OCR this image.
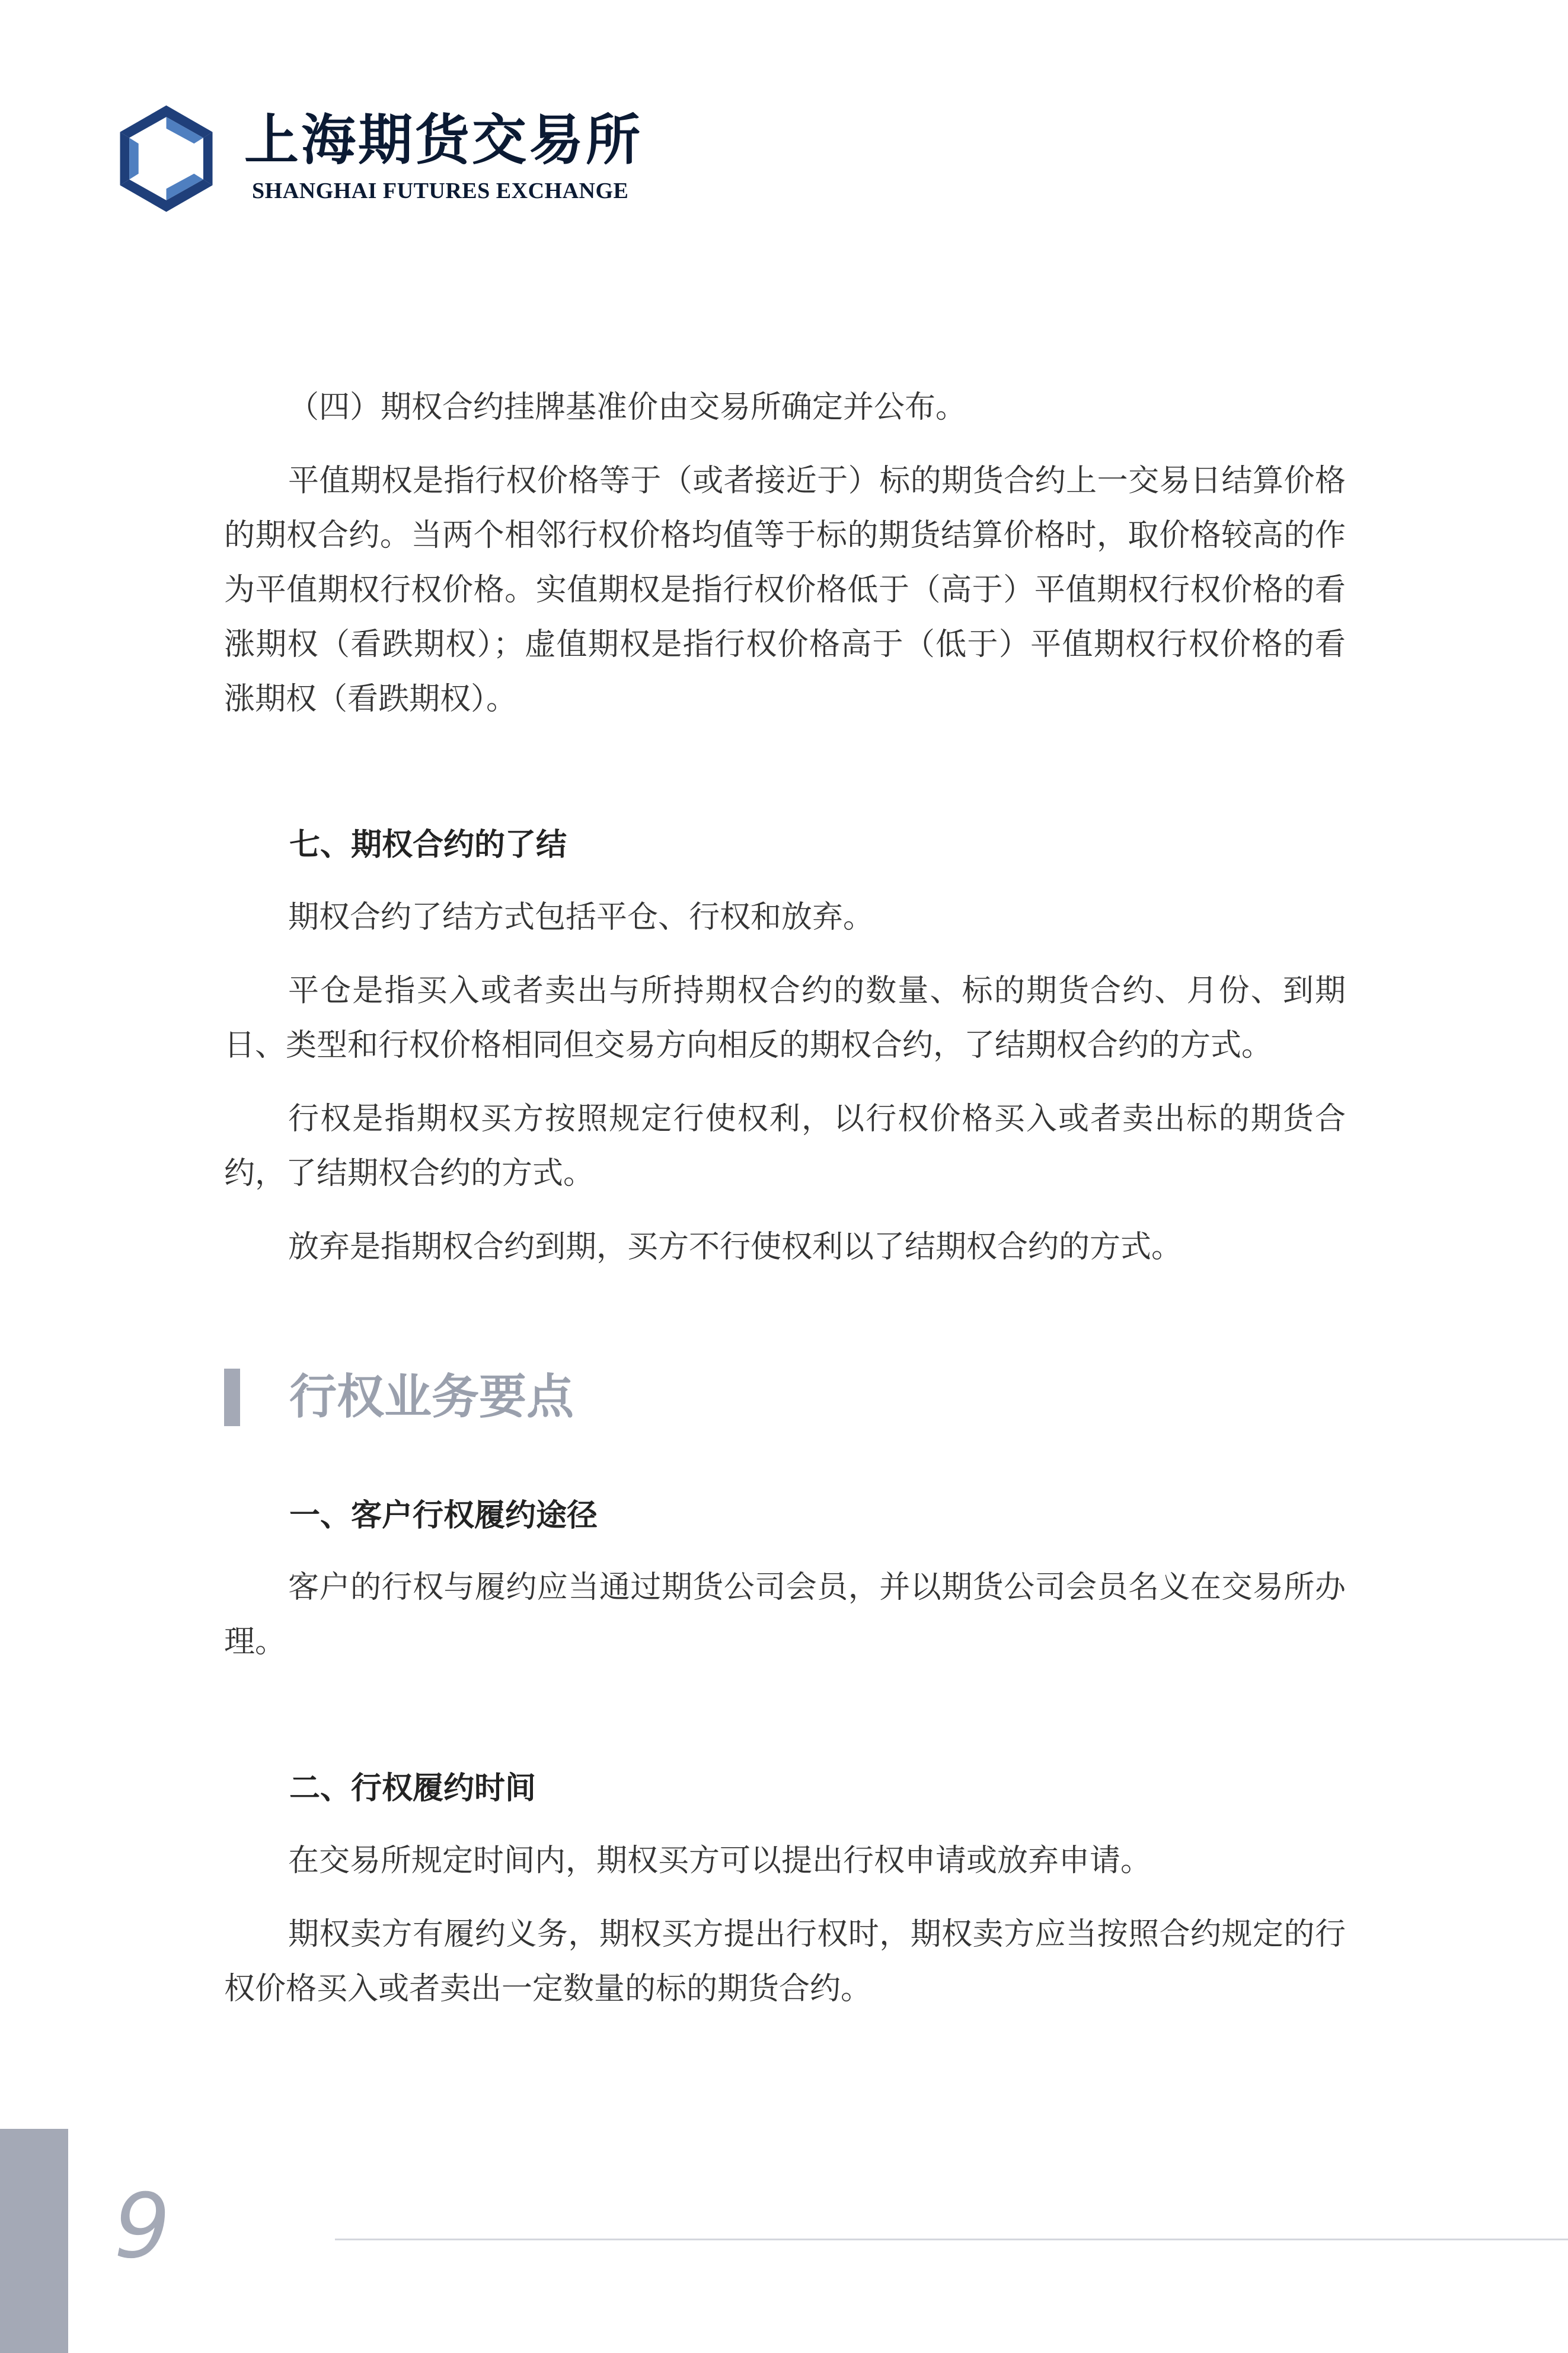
上海期货交易所
SHANGHAI FUTURES EXCHANGE

（四）期权合约挂牌基准价由交易所确定并公布。

平值期权是指行权价格等于（或者接近于）标的期货合约上一交易日结算价格的期权合约。当两个相邻行权价格均值等于标的期货结算价格时，取价格较高的作为平值期权行权价格。实值期权是指行权价格低于（高于）平值期权行权价格的看涨期权（看跌期权）；虚值期权是指行权价格高于（低于）平值期权行权价格的看涨期权（看跌期权）。

七、期权合约的了结

期权合约了结方式包括平仓、行权和放弃。

平仓是指买入或者卖出与所持期权合约的数量、标的期货合约、月份、到期日、类型和行权价格相同但交易方向相反的期权合约，了结期权合约的方式。

行权是指期权买方按照规定行使权利，以行权价格买入或者卖出标的期货合约，了结期权合约的方式。

放弃是指期权合约到期，买方不行使权利以了结期权合约的方式。

行权业务要点
一、客户行权履约途径

客户的行权与履约应当通过期货公司会员，并以期货公司会员名义在交易所办理。

二、行权履约时间

在交易所规定时间内，期权买方可以提出行权申请或放弃申请。

期权卖方有履约义务，期权买方提出行权时，期权卖方应当按照合约规定的行权价格买入或者卖出一定数量的标的期货合约。

9
